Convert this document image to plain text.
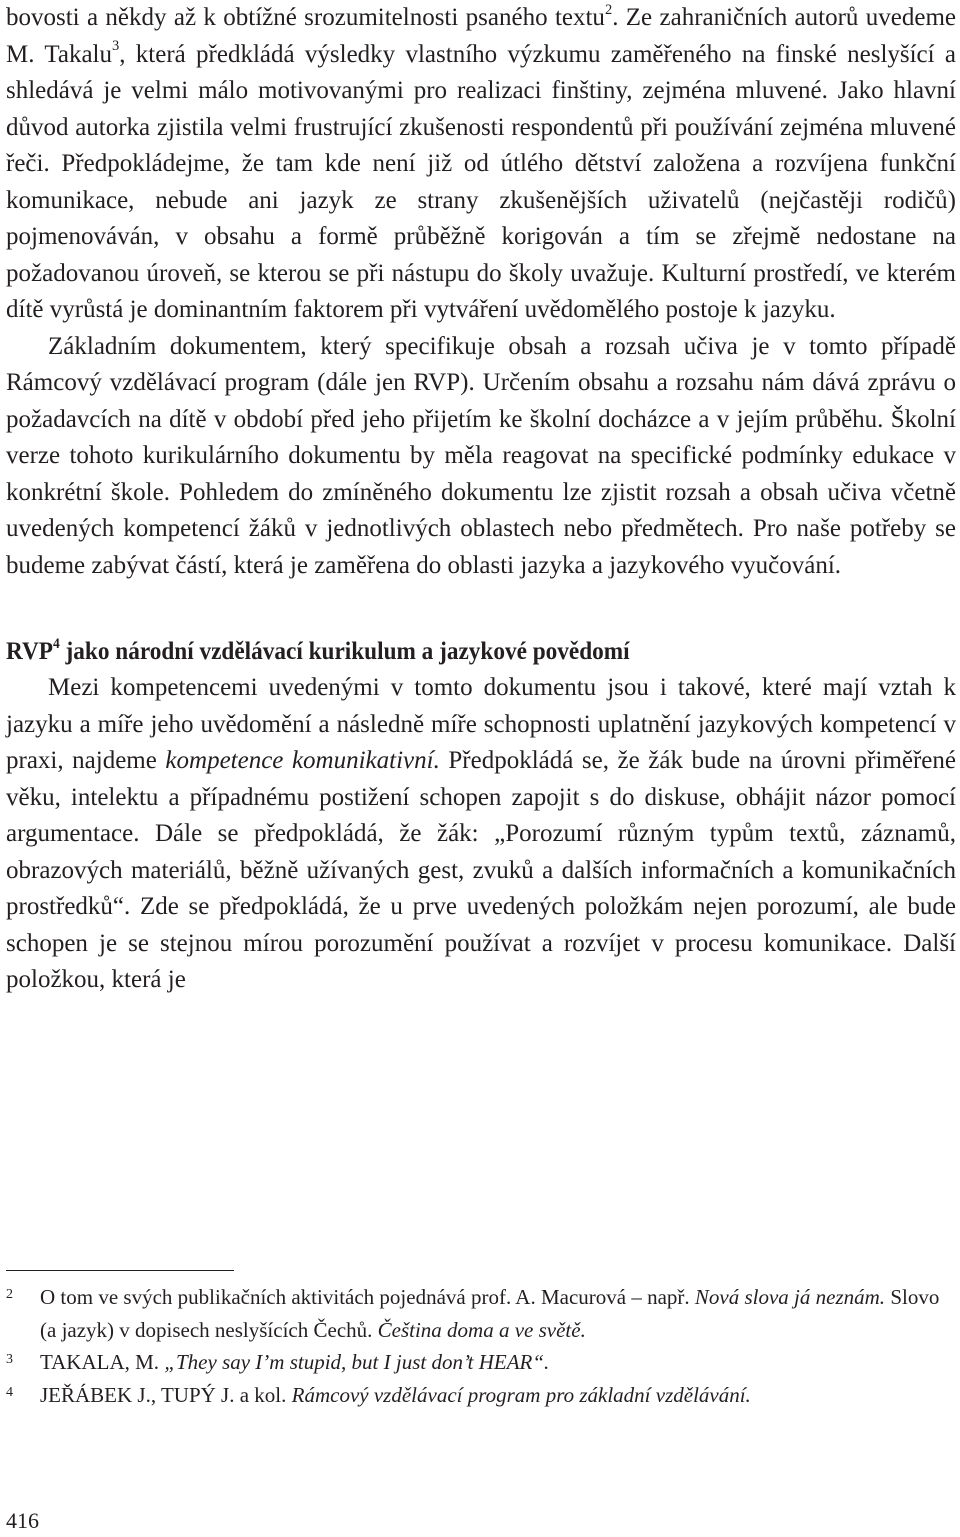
bovosti a někdy až k obtížné srozumitelnosti psaného textu$^2$. Ze zahraničních autorů uvedeme M. Takalu$^3$, která předkládá výsledky vlastního výzkumu zaměřeného na finské neslyšící a shledává je velmi málo motivovanými pro realizaci finštiny, zejména mluvené. Jako hlavní důvod autorka zjistila velmi frustrující zkušenosti respondentů při používání zejména mluvené řeči. Předpokládejme, že tam kde není již od útlého dětství založena a rozvíjena funkční komunikace, nebude ani jazyk ze strany zkušenějších uživatelů (nejčastěji rodičů) pojmenováván, v obsahu a formě průběžně korigován a tím se zřejmě nedostane na požadovanou úroveň, se kterou se při nástupu do školy uvažuje. Kulturní prostředí, ve kterém dítě vyrůstá je dominantním faktorem při vytváření uvědomělého postoje k jazyku.

Základním dokumentem, který specifikuje obsah a rozsah učiva je v tomto případě Rámcový vzdělávací program (dále jen RVP). Určením obsahu a rozsahu nám dává zprávu o požadavcích na dítě v období před jeho přijetím ke školní docházce a v jejím průběhu. Školní verze tohoto kurikulárního dokumentu by měla reagovat na specifické podmínky edukace v konkrétní škole. Pohledem do zmíněného dokumentu lze zjistit rozsah a obsah učiva včetně uvedených kompetencí žáků v jednotlivých oblastech nebo předmětech. Pro naše potřeby se budeme zabývat částí, která je zaměřena do oblasti jazyka a jazykového vyučování.

RVP$^4$ jako národní vzdělávací kurikulum a jazykové povědomí

Mezi kompetencemi uvedenými v tomto dokumentu jsou i takové, které mají vztah k jazyku a míře jeho uvědomění a následně míře schopnosti uplatnění jazykových kompetencí v praxi, najdeme kompetence komunikativní. Předpokládá se, že žák bude na úrovni přiměřené věku, intelektu a případnému postižení schopen zapojit s do diskuse, obhájit názor pomocí argumentace. Dále se předpokládá, že žák: „Porozumí různým typům textů, záznamů, obrazových materiálů, běžně užívaných gest, zvuků a dalších informačních a komunikačních prostředků“. Zde se předpokládá, že u prve uvedených položkám nejen porozumí, ale bude schopen je se stejnou mírou porozumění používat a rozvíjet v procesu komunikace. Další položkou, která je

2 O tom ve svých publikačních aktivitách pojednává prof. A. Macurová – např. Nová slova já neznám. Slovo (a jazyk) v dopisech neslyšících Čechů. Čeština doma a ve světě.
3 TAKALA, M. „They say I’m stupid, but I just don’t HEAR“.
4 JEŘÁBEK J., TUPÝ J. a kol. Rámcový vzdělávací program pro základní vzdělávání.
416
